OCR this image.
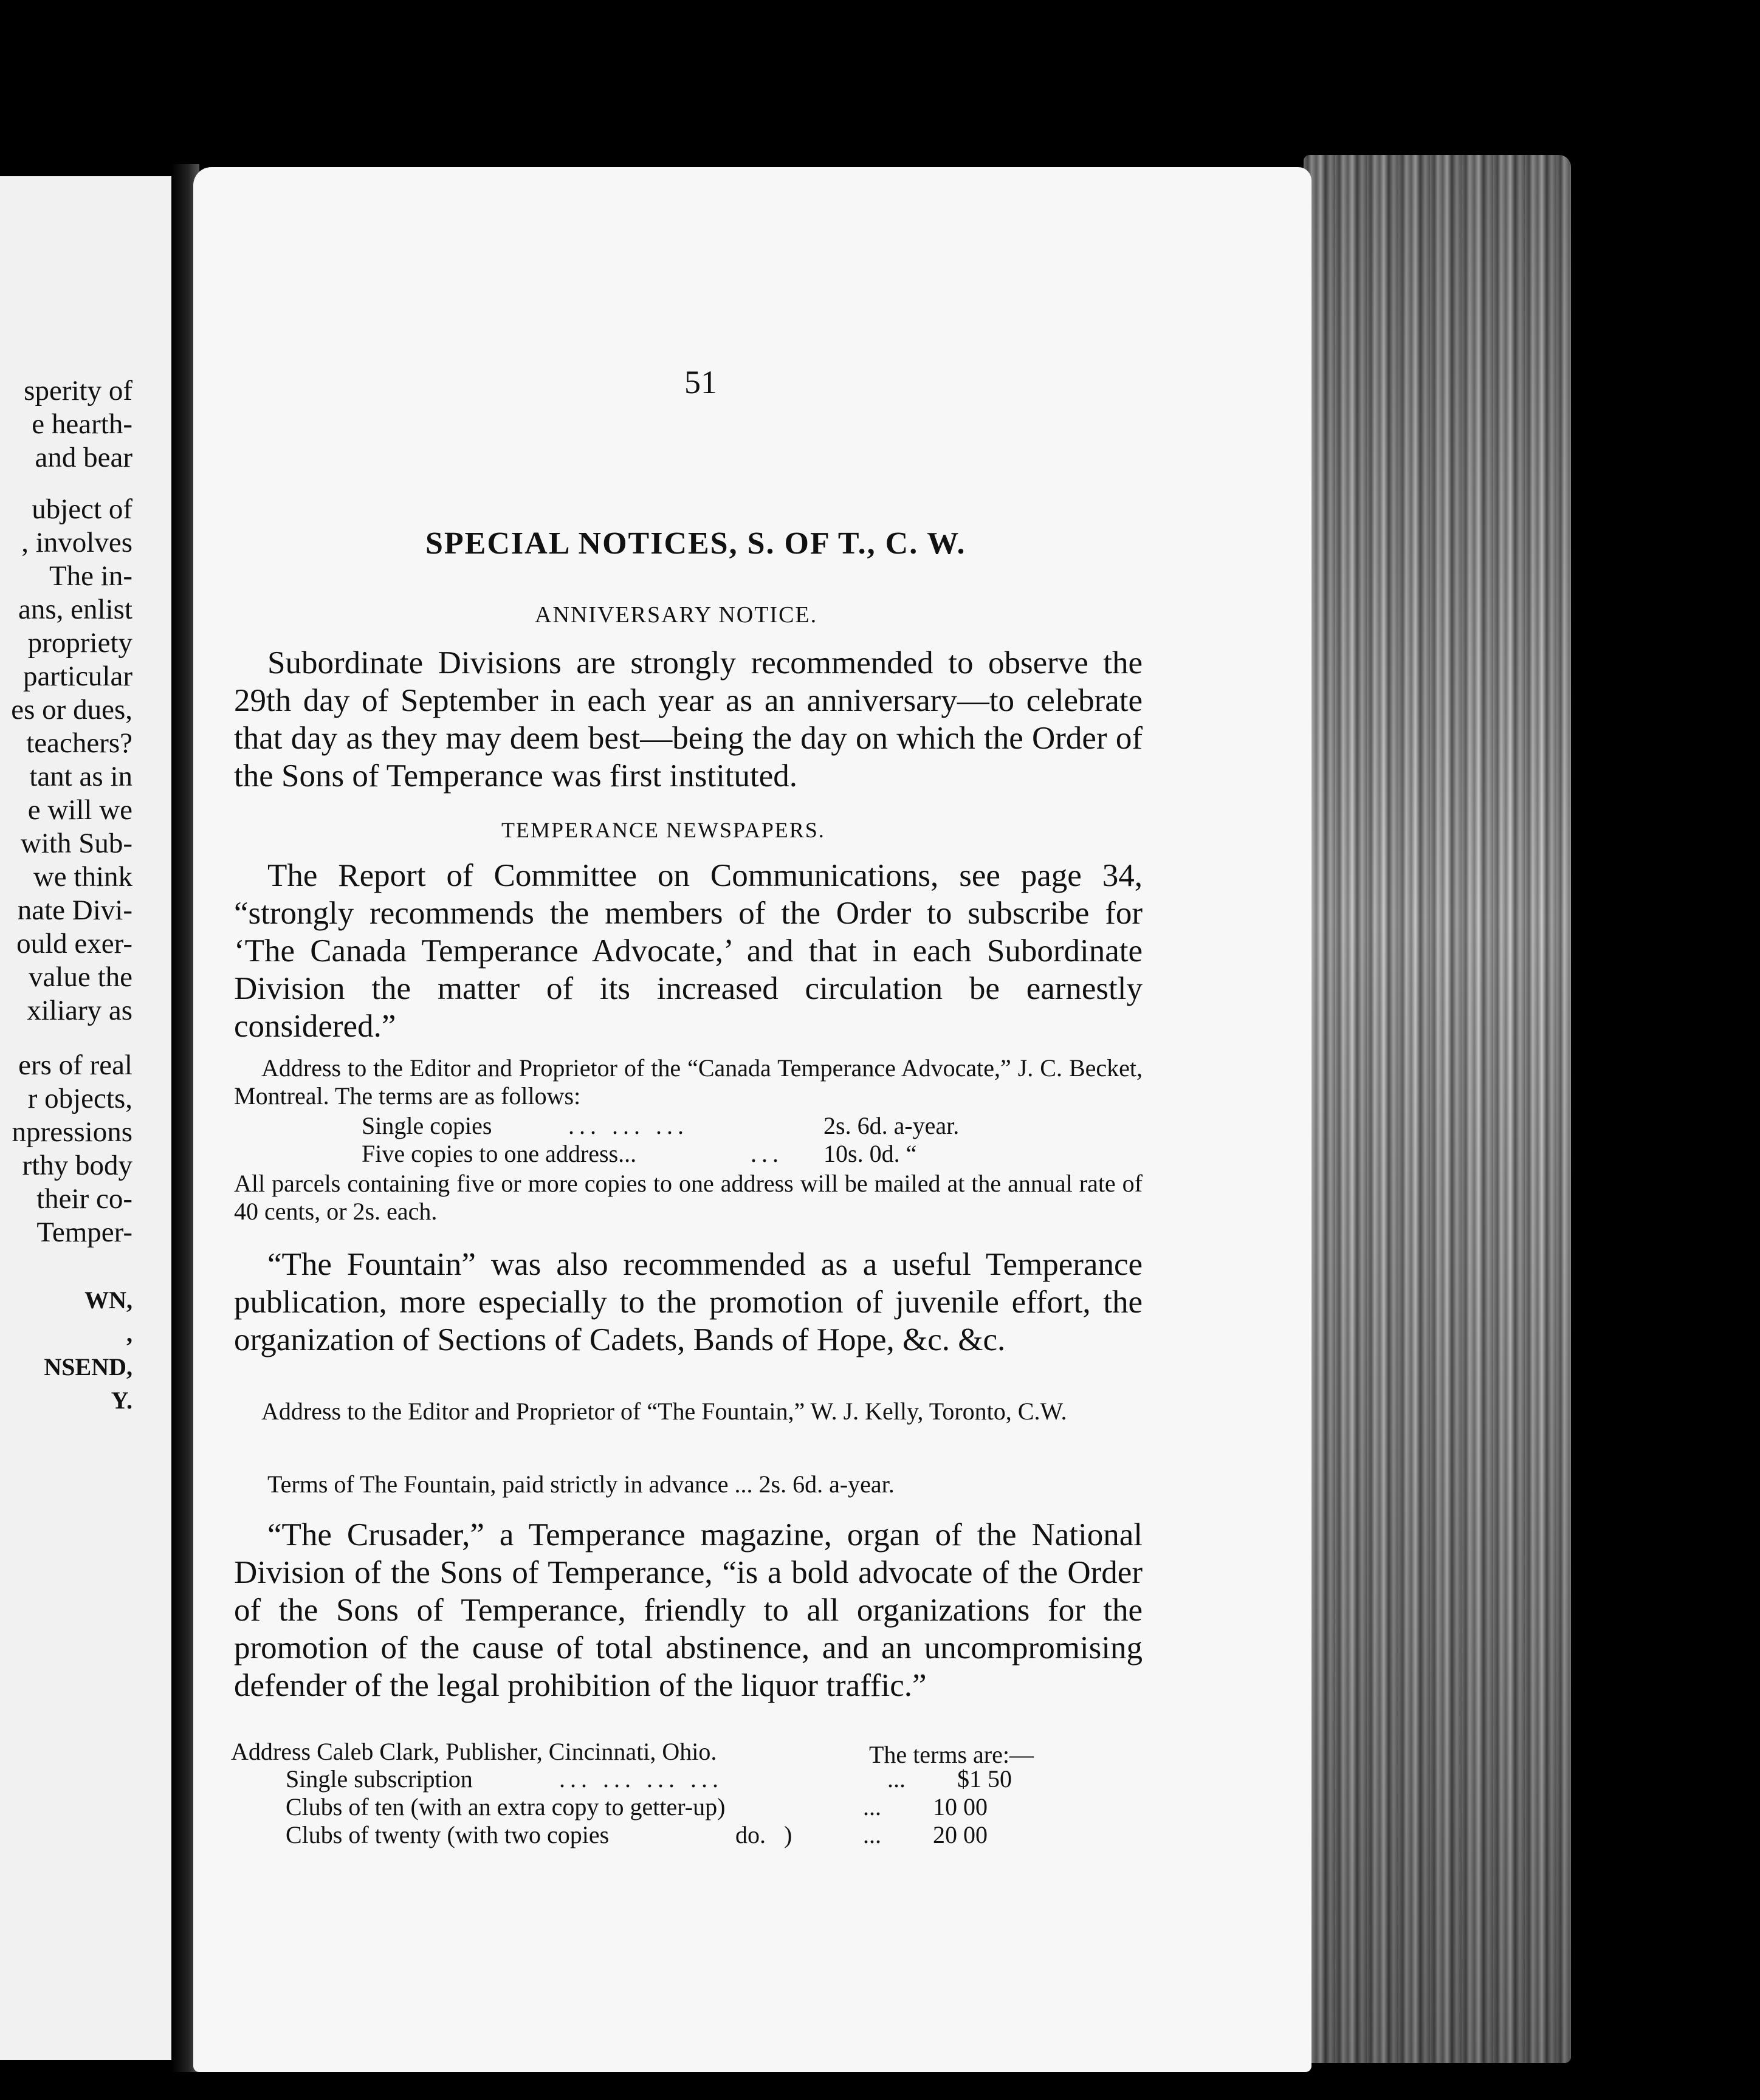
sperity of
e hearth-
and bear
ubject of
, involves
The in-
ans, enlist
propriety
particular
es or dues,
teachers?
tant as in
e will we
with Sub-
we think
nate Divi-
ould exer-
value the
xiliary as
ers of real
r objects,
npressions
rthy body
their co-
Temper-
WN,
,
NSEND,
Y.
51
SPECIAL NOTICES, S. OF T., C. W.
ANNIVERSARY NOTICE.
Subordinate Divisions are strongly recommended to observe the 29th day of September in each year as an anniversary—to celebrate that day as they may deem best—being the day on which the Order of the Sons of Temperance was first instituted.
TEMPERANCE NEWSPAPERS.
The Report of Committee on Communications, see page 34, “strongly recommends the members of the Order to subscribe for ‘The Canada Temperance Advocate,’ and that in each Subordinate Division the matter of its increased circulation be earnestly considered.”
Address to the Editor and Proprietor of the “Canada Temperance Advocate,” J. C. Becket, Montreal. The terms are as follows:
Single copies	... ... ...	2s. 6d. a-year.
Five copies to one address...	... 10s. 0d. “
All parcels containing five or more copies to one address will be mailed at the annual rate of 40 cents, or 2s. each.
“The Fountain” was also recommended as a useful Temperance publication, more especially to the promotion of juvenile effort, the organization of Sections of Cadets, Bands of Hope, &c. &c.
Address to the Editor and Proprietor of “The Fountain,” W. J. Kelly, Toronto, C.W.
Terms of The Fountain, paid strictly in advance ... 2s. 6d. a-year.
“The Crusader,” a Temperance magazine, organ of the National Division of the Sons of Temperance, “is a bold advocate of the Order of the Sons of Temperance, friendly to all organizations for the promotion of the cause of total abstinence, and an uncompromising defender of the legal prohibition of the liquor traffic.”
Address Caleb Clark, Publisher, Cincinnati, Ohio.	The terms are:—
Single subscription	... ... ... ...	... $1 50
Clubs of ten (with an extra copy to getter-up)	... 10 00
Clubs of twenty (with two copies	do.   )	... 20 00
